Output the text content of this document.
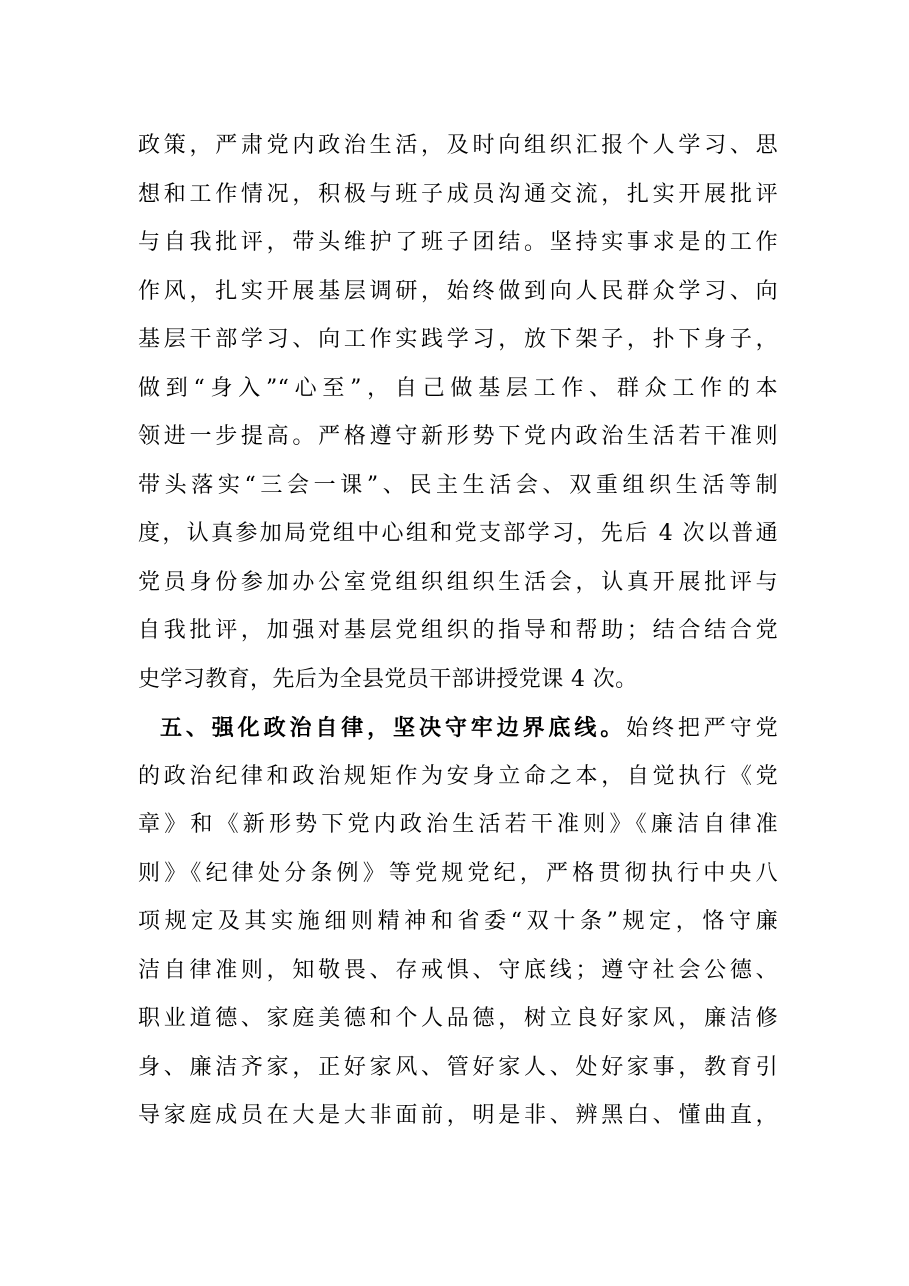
政策，严肃党内政治生活，及时向组织汇报个人学习、思
想和工作情况，积极与班子成员沟通交流，扎实开展批评
与自我批评，带头维护了班子团结。坚持实事求是的工作
作风，扎实开展基层调研，始终做到向人民群众学习、向
基层干部学习、向工作实践学习，放下架子，扑下身子，
做到“身入”“心至”，自己做基层工作、群众工作的本
领进一步提高。严格遵守新形势下党内政治生活若干准则
带头落实“三会一课”、民主生活会、双重组织生活等制
度，认真参加局党组中心组和党支部学习，先后 4 次以普通
党员身份参加办公室党组织组织生活会，认真开展批评与
自我批评，加强对基层党组织的指导和帮助；结合结合党
史学习教育，先后为全县党员干部讲授党课 4 次。
五、强化政治自律，坚决守牢边界底线。始终把严守党
的政治纪律和政治规矩作为安身立命之本，自觉执行《党
章》和《新形势下党内政治生活若干准则》《廉洁自律准
则》《纪律处分条例》等党规党纪，严格贯彻执行中央八
项规定及其实施细则精神和省委“双十条”规定，恪守廉
洁自律准则，知敬畏、存戒惧、守底线；遵守社会公德、
职业道德、家庭美德和个人品德，树立良好家风，廉洁修
身、廉洁齐家，正好家风、管好家人、处好家事，教育引
导家庭成员在大是大非面前，明是非、辨黑白、懂曲直，
